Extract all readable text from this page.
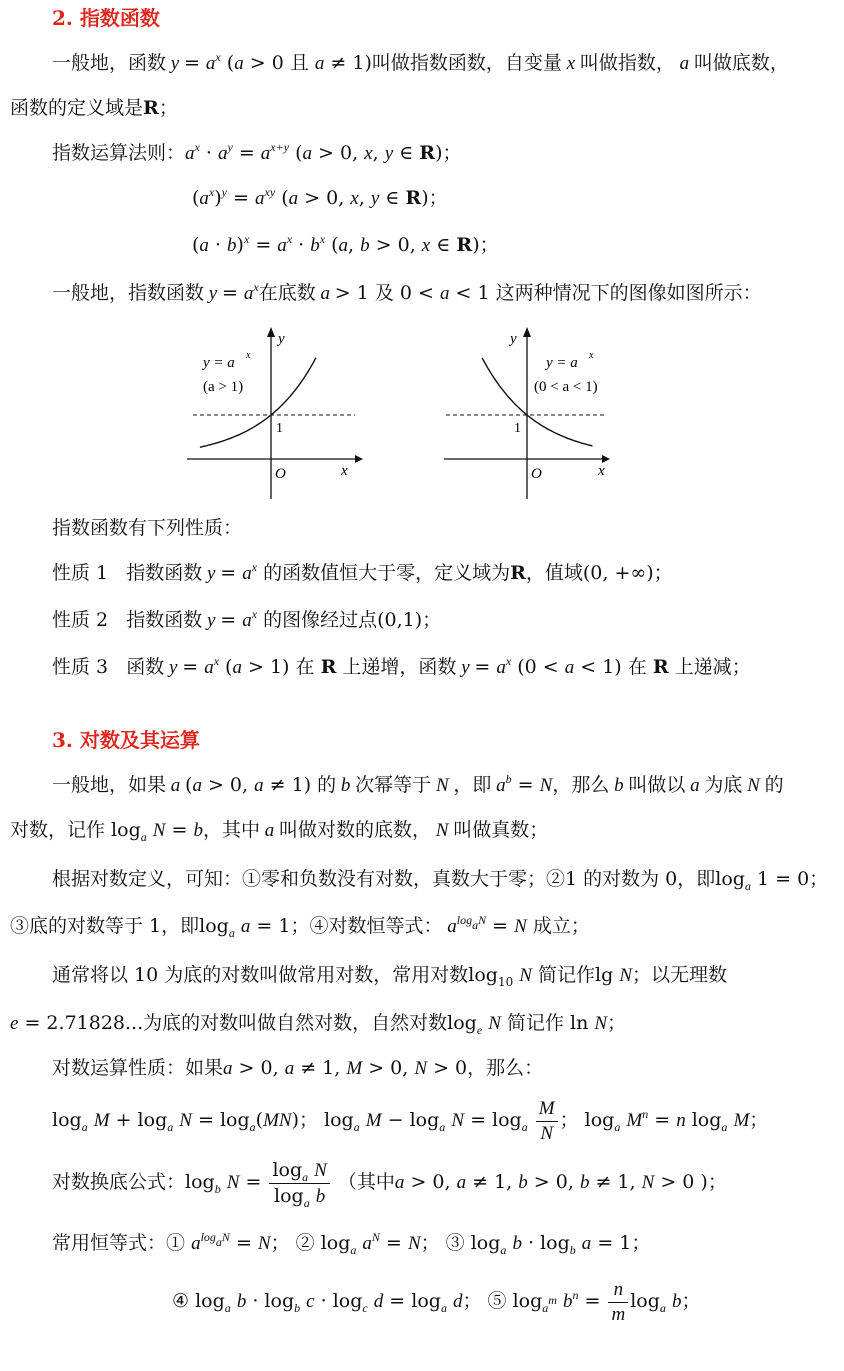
2. 指数函数
一般地，函数 $y = a^x$ (a > 0 且 a ≠ 1)叫做指数函数，自变量 x 叫做指数， a 叫做底数，
函数的定义域是R；
指数运算法则：$a^x \cdot a^y = a^{x+y}$ (a > 0, x, y ∈ R)；
$(a^x)^y = a^{xy}$ (a > 0, x, y ∈ R)；
$(a \cdot b)^x = a^x \cdot b^x$ (a, b > 0, x ∈ R)；
一般地，指数函数 $y = a^x$在底数 a > 1 及 0 < a < 1 这两种情况下的图像如图所示：
y = a x
(a > 1)
y
x
O
1
y = a x
(0 < a < 1)
y
x
O
1
指数函数有下列性质：
性质 1 指数函数 $y = a^x$ 的函数值恒大于零，定义域为R，值域(0, +∞)；
性质 2 指数函数 $y = a^x$ 的图像经过点(0,1)；
性质 3 函数 $y = a^x$ (a > 1) 在 R 上递增，函数 $y = a^x$ (0 < a < 1) 在 R 上递减；
3. 对数及其运算
一般地，如果 a (a > 0, a ≠ 1) 的 b 次幂等于 N ，即 $a^b = N$，那么 b 叫做以 a 为底 N 的
对数，记作 $\log_a N = b$，其中 a 叫做对数的底数， N 叫做真数；
根据对数定义，可知：①零和负数没有对数，真数大于零；②1 的对数为 0，即$\log_a 1 = 0$；
③底的对数等于 1，即$\log_a a = 1$；④对数恒等式： $a^{log_aN} = N$ 成立；
通常将以 10 为底的对数叫做常用对数，常用对数$\log_{10} N$ 简记作lg N；以无理数
e = 2.71828...为底的对数叫做自然对数，自然对数$\log_e N$ 简记作 ln N；
对数运算性质：如果a > 0, a ≠ 1, M > 0, N > 0，那么：
$\log_a M + \log_a N = \log_a(MN)$； $\log_a M - \log_a N = \log_a \frac{M}{N}$ ； $\log_a M^n = n$ $\log_a M$；
对数换底公式：$\log_b N = \frac{\log_a N}{\log_a b}$ （其中a > 0, a ≠ 1, b > 0, b ≠ 1, N > 0 )；
常用恒等式：① $a^{log_aN} = N$； ② $\log_a a^N = N$； ③ $\log_a b \cdot \log_b a = 1$；
④ $\log_a b \cdot \log_b c \cdot \log_c d = \log_a d$； ⑤ $\log_{a^m} b^n = \frac{n}{m} \log_a b$；
